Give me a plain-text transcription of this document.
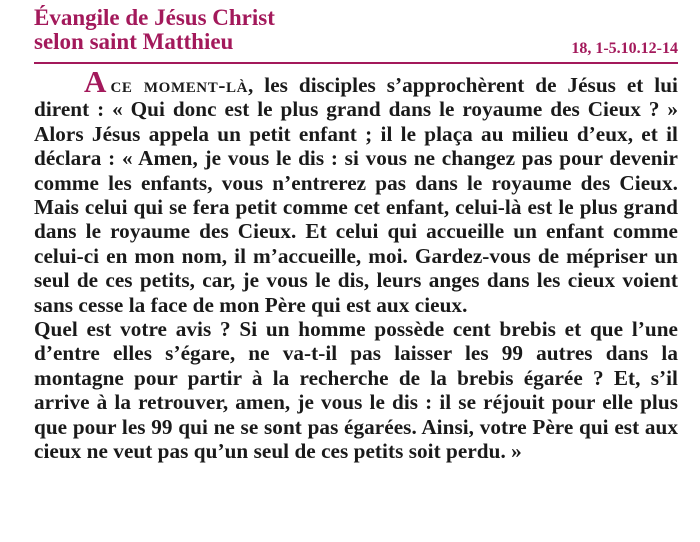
Évangile de Jésus Christ

selon saint Matthieu	18, 1-5.10.12-14

A ce moment-là, les disciples s’approchèrent de Jésus et lui dirent : « Qui donc est le plus grand dans le royaume des Cieux ? » Alors Jésus appela un petit enfant ; il le plaça au milieu d’eux, et il déclara : « Amen, je vous le dis : si vous ne changez pas pour devenir comme les enfants, vous n’entrerez pas dans le royaume des Cieux. Mais celui qui se fera petit comme cet enfant, celui-là est le plus grand dans le royaume des Cieux. Et celui qui accueille un enfant comme celui-ci en mon nom, il m’accueille, moi. Gardez-vous de mépriser un seul de ces petits, car, je vous le dis, leurs anges dans les cieux voient sans cesse la face de mon Père qui est aux cieux.

Quel est votre avis ? Si un homme possède cent brebis et que l’une d’entre elles s’égare, ne va-t-il pas laisser les 99 autres dans la montagne pour partir à la recherche de la brebis égarée ? Et, s’il arrive à la retrouver, amen, je vous le dis : il se réjouit pour elle plus que pour les 99 qui ne se sont pas égarées. Ainsi, votre Père qui est aux cieux ne veut pas qu’un seul de ces petits soit perdu. »
